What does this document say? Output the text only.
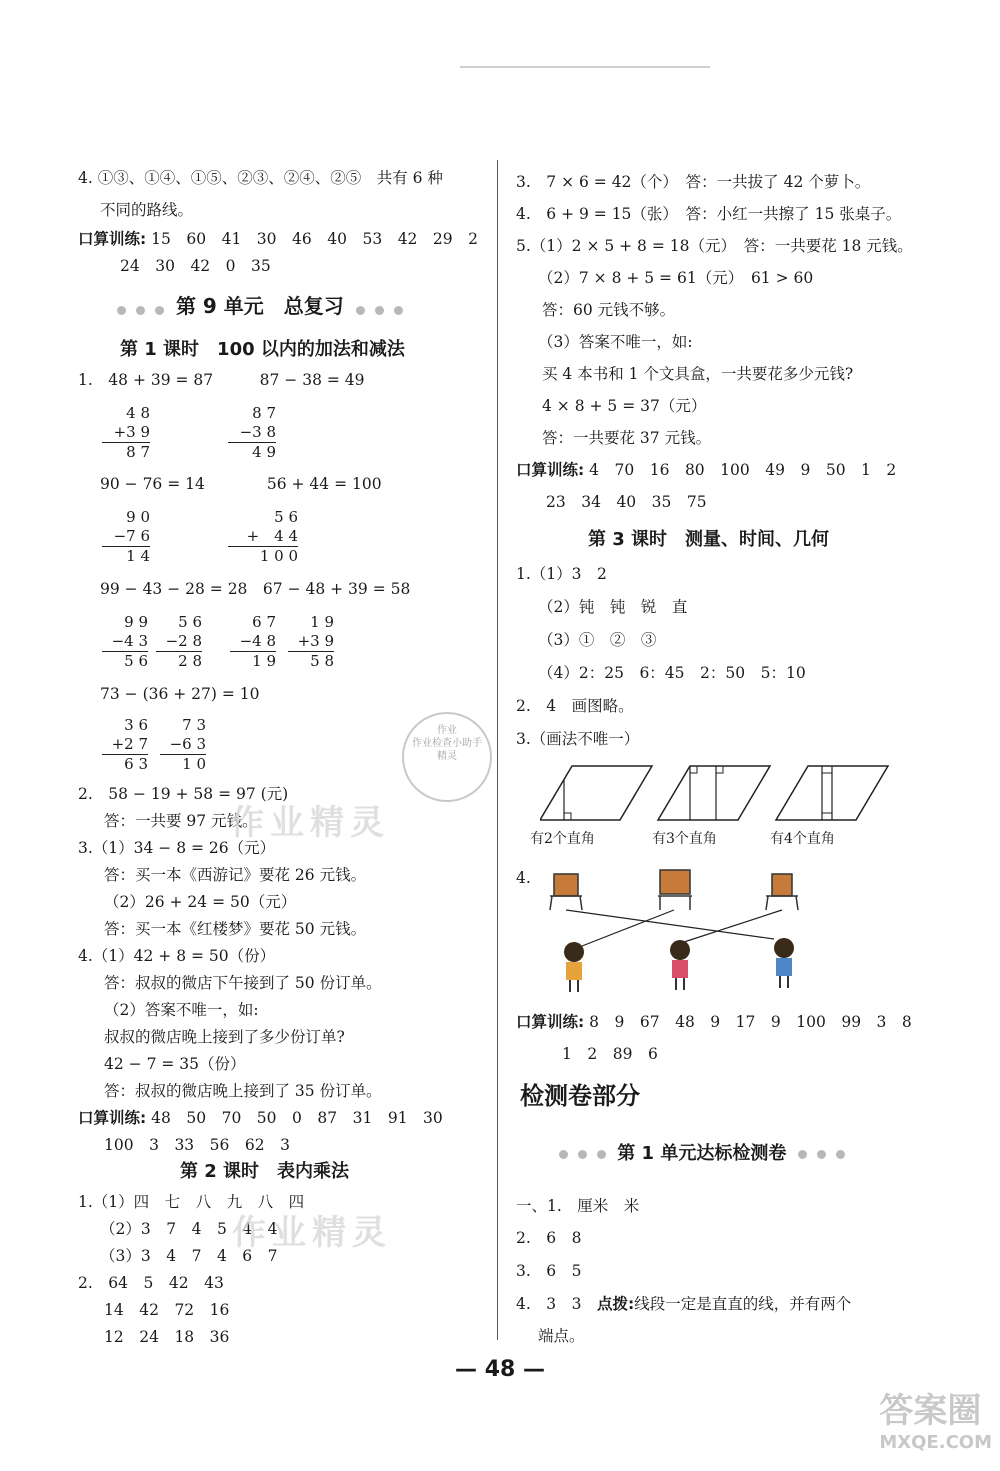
4. ①③、①④、①⑤、②③、②④、②⑤　共有 6 种
不同的路线。
口算训练: 15　60　41　30　46　40　53　42　29　2
24　30　42　0　35
第 9 单元　总复习
第 1 课时　100 以内的加法和减法
1.　48 + 39 = 87　　　87 − 38 = 49
4 8
+3 9
8 7
8 7
−3 8
4 9
90 − 76 = 14　　　　56 + 44 = 100
9 0
−7 6
1 4
5 6
+　4 4
1 0 0
99 − 43 − 28 = 28　67 − 48 + 39 = 58
9 9
−4 3
5 6
5 6
−2 8
2 8
6 7
−4 8
1 9
1 9
+3 9
5 8
73 − (36 + 27) = 10
3 6
+2 7
6 3
7 3
−6 3
1 0
2.　58 − 19 + 58 = 97 (元)
答：一共要 97 元钱。
3.（1）34 − 8 = 26（元）
答：买一本《西游记》要花 26 元钱。
（2）26 + 24 = 50（元）
答：买一本《红楼梦》要花 50 元钱。
4.（1）42 + 8 = 50（份）
答：叔叔的微店下午接到了 50 份订单。
（2）答案不唯一，如:
叔叔的微店晚上接到了多少份订单?
42 − 7 = 35（份）
答：叔叔的微店晚上接到了 35 份订单。
口算训练: 48　50　70　50　0　87　31　91　30
100　3　33　56　62　3
第 2 课时　表内乘法
1.（1）四　七　八　九　八　四
（2）3　7　4　5　4　4
（3）3　4　7　4　6　7
2.　64　5　42　43
14　42　72　16
12　24　18　36
3.　7 × 6 = 42（个）　答：一共拔了 42 个萝卜。
4.　6 + 9 = 15（张）　答：小红一共擦了 15 张桌子。
5.（1）2 × 5 + 8 = 18（元）　答：一共要花 18 元钱。
（2）7 × 8 + 5 = 61（元）　61 > 60
答：60 元钱不够。
（3）答案不唯一，如:
买 4 本书和 1 个文具盒，一共要花多少元钱?
4 × 8 + 5 = 37（元）
答：一共要花 37 元钱。
口算训练: 4　70　16　80　100　49　9　50　1　2
23　34　40　35　75
第 3 课时　测量、时间、几何
1.（1）3　2
（2）钝　钝　锐　直
（3）①　②　③
（4）2：25　6：45　2：50　5：10
2.　4　画图略。
3.（画法不唯一）
有2个直角	有3个直角	有4个直角
4.
口算训练: 8　9　67　48　9　17　9　100　99　3　8
1　2　89　6
检测卷部分
第 1 单元达标检测卷
一、1.　厘米　米
2.　6　8
3.　6　5
4.　3　3　点拨:线段一定是直直的线，并有两个
端点。
作业精灵
作业精灵
作业
作业检查小助手
精灵
— 48 —
答案圈
MXQE.COM
